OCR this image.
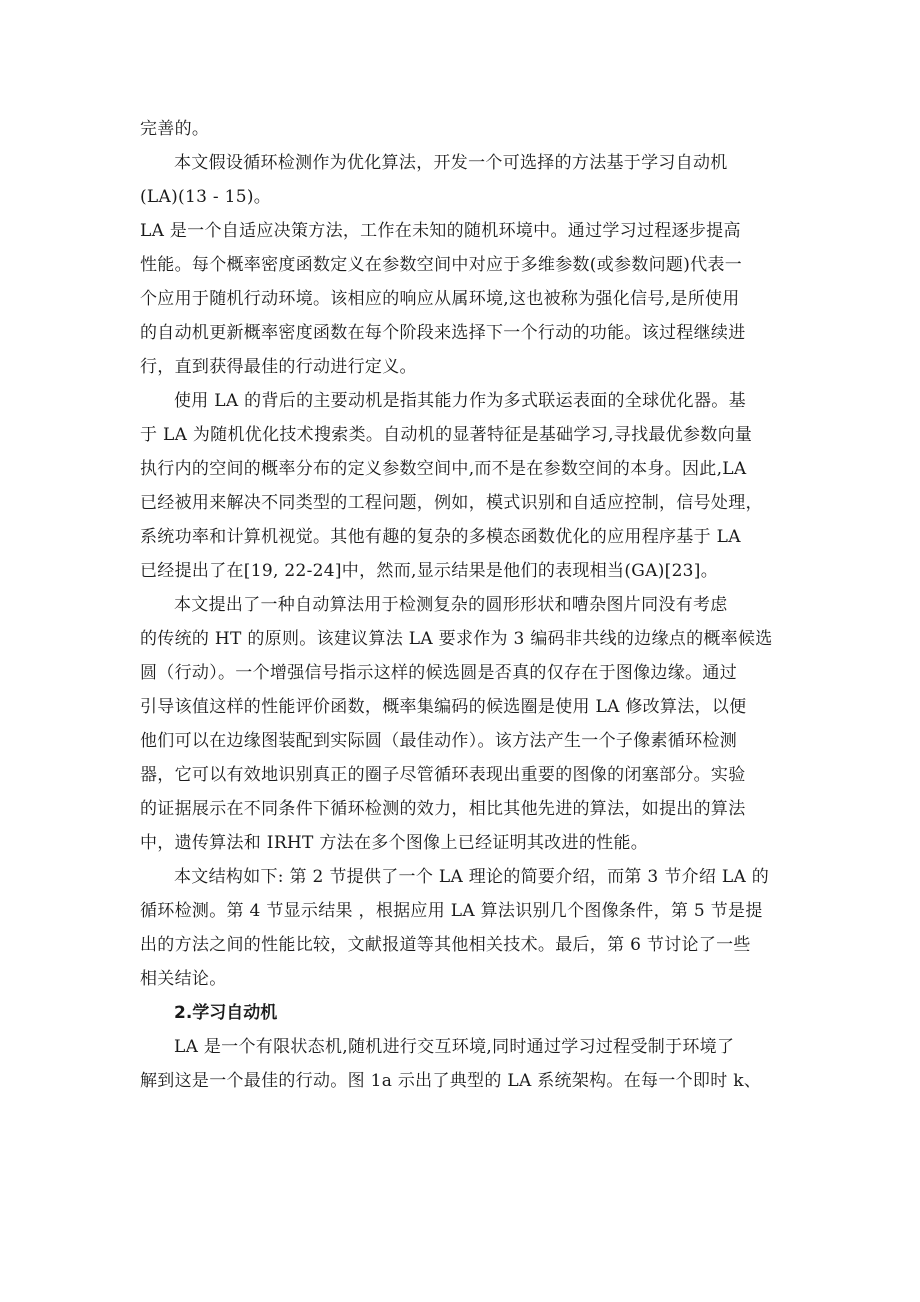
完善的。
本文假设循环检测作为优化算法，开发一个可选择的方法基于学习自动机
(LA)(13 - 15)。
LA 是一个自适应决策方法，工作在未知的随机环境中。通过学习过程逐步提高
性能。每个概率密度函数定义在参数空间中对应于多维参数(或参数问题)代表一
个应用于随机行动环境。该相应的响应从属环境,这也被称为强化信号,是所使用
的自动机更新概率密度函数在每个阶段来选择下一个行动的功能。该过程继续进
行，直到获得最佳的行动进行定义。
使用 LA 的背后的主要动机是指其能力作为多式联运表面的全球优化器。基
于 LA 为随机优化技术搜索类。自动机的显著特征是基础学习,寻找最优参数向量
执行内的空间的概率分布的定义参数空间中,而不是在参数空间的本身。因此,LA
已经被用来解决不同类型的工程问题，例如，模式识别和自适应控制，信号处理，
系统功率和计算机视觉。其他有趣的复杂的多模态函数优化的应用程序基于 LA
已经提出了在[19, 22-24]中，然而,显示结果是他们的表现相当(GA)[23]。
本文提出了一种自动算法用于检测复杂的圆形形状和嘈杂图片同没有考虑
的传统的 HT 的原则。该建议算法 LA 要求作为 3 编码非共线的边缘点的概率候选
圆（行动）。一个增强信号指示这样的候选圆是否真的仅存在于图像边缘。通过
引导该值这样的性能评价函数，概率集编码的候选圈是使用 LA 修改算法，以便
他们可以在边缘图装配到实际圆（最佳动作）。该方法产生一个子像素循环检测
器，它可以有效地识别真正的圈子尽管循环表现出重要的图像的闭塞部分。实验
的证据展示在不同条件下循环检测的效力，相比其他先进的算法，如提出的算法
中，遗传算法和 IRHT 方法在多个图像上已经证明其改进的性能。
本文结构如下: 第 2 节提供了一个 LA 理论的简要介绍，而第 3 节介绍 LA 的
循环检测。第 4 节显示结果 ，根据应用 LA 算法识别几个图像条件，第 5 节是提
出的方法之间的性能比较，文献报道等其他相关技术。最后，第 6 节讨论了一些
相关结论。
2.学习自动机
LA 是一个有限状态机,随机进行交互环境,同时通过学习过程受制于环境了
解到这是一个最佳的行动。图 1a 示出了典型的 LA 系统架构。在每一个即时 k、
